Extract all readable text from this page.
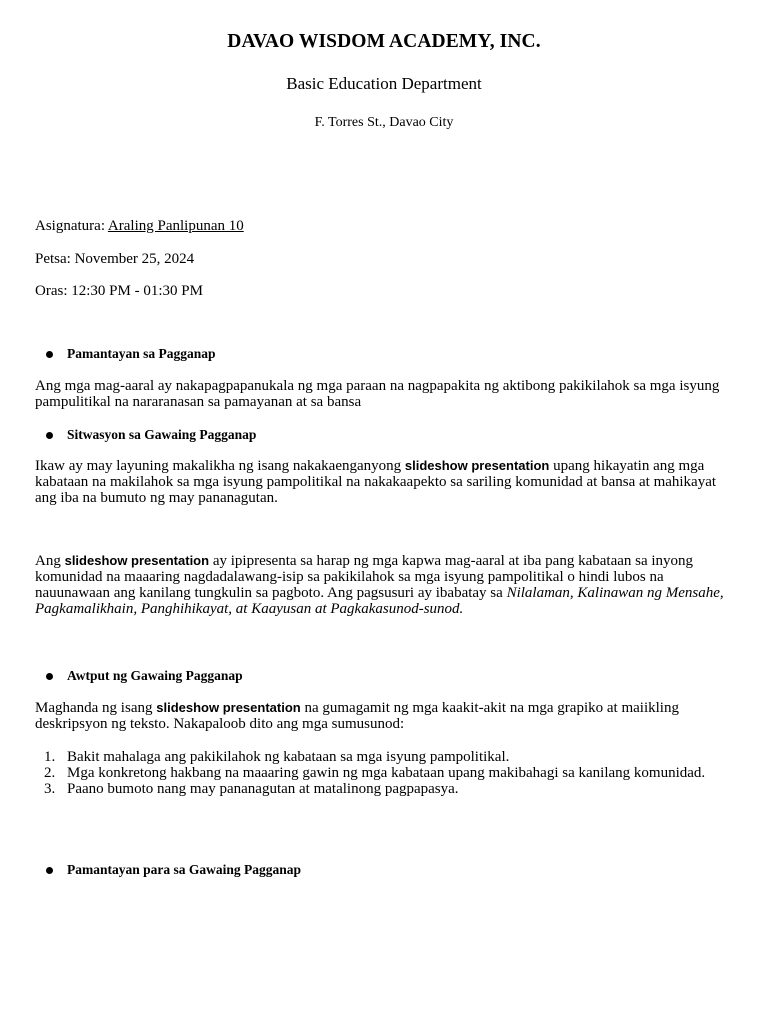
DAVAO WISDOM ACADEMY, INC.
Basic Education Department
F. Torres St., Davao City
Asignatura: Araling Panlipunan 10
Petsa: November 25, 2024
Oras: 12:30 PM - 01:30 PM
Pamantayan sa Pagganap

Ang mga mag-aaral ay nakapagpapanukala ng mga paraan na nagpapakita ng aktibong pakikilahok sa mga isyung pampulitikal na nararanasan sa pamayanan at sa bansa

Sitwasyon sa Gawaing Pagganap

Ikaw ay may layuning makalikha ng isang nakakaenganyong slideshow presentation upang hikayatin ang mga kabataan na makilahok sa mga isyung pampolitikal na nakakaapekto sa sariling komunidad at bansa at mahikayat ang iba na bumuto ng may pananagutan.

Ang slideshow presentation ay ipipresenta sa harap ng mga kapwa mag-aaral at iba pang kabataan sa inyong komunidad na maaaring nagdadalawang-isip sa pakikilahok sa mga isyung pampolitikal o hindi lubos na nauunawaan ang kanilang tungkulin sa pagboto. Ang pagsusuri ay ibabatay sa Nilalaman, Kalinawan ng Mensahe, Pagkamalikhain, Panghihikayat, at Kaayusan at Pagkakasunod-sunod.

Awtput ng Gawaing Pagganap

Maghanda ng isang slideshow presentation na gumagamit ng mga kaakit-akit na mga grapiko at maiikling deskripsyon ng teksto. Nakapaloob dito ang mga sumusunod:

1. Bakit mahalaga ang pakikilahok ng kabataan sa mga isyung pampolitikal.
2. Mga konkretong hakbang na maaaring gawin ng mga kabataan upang makibahagi sa kanilang komunidad.
3. Paano bumoto nang may pananagutan at matalinong pagpapasya.
Pamantayan para sa Gawaing Pagganap
